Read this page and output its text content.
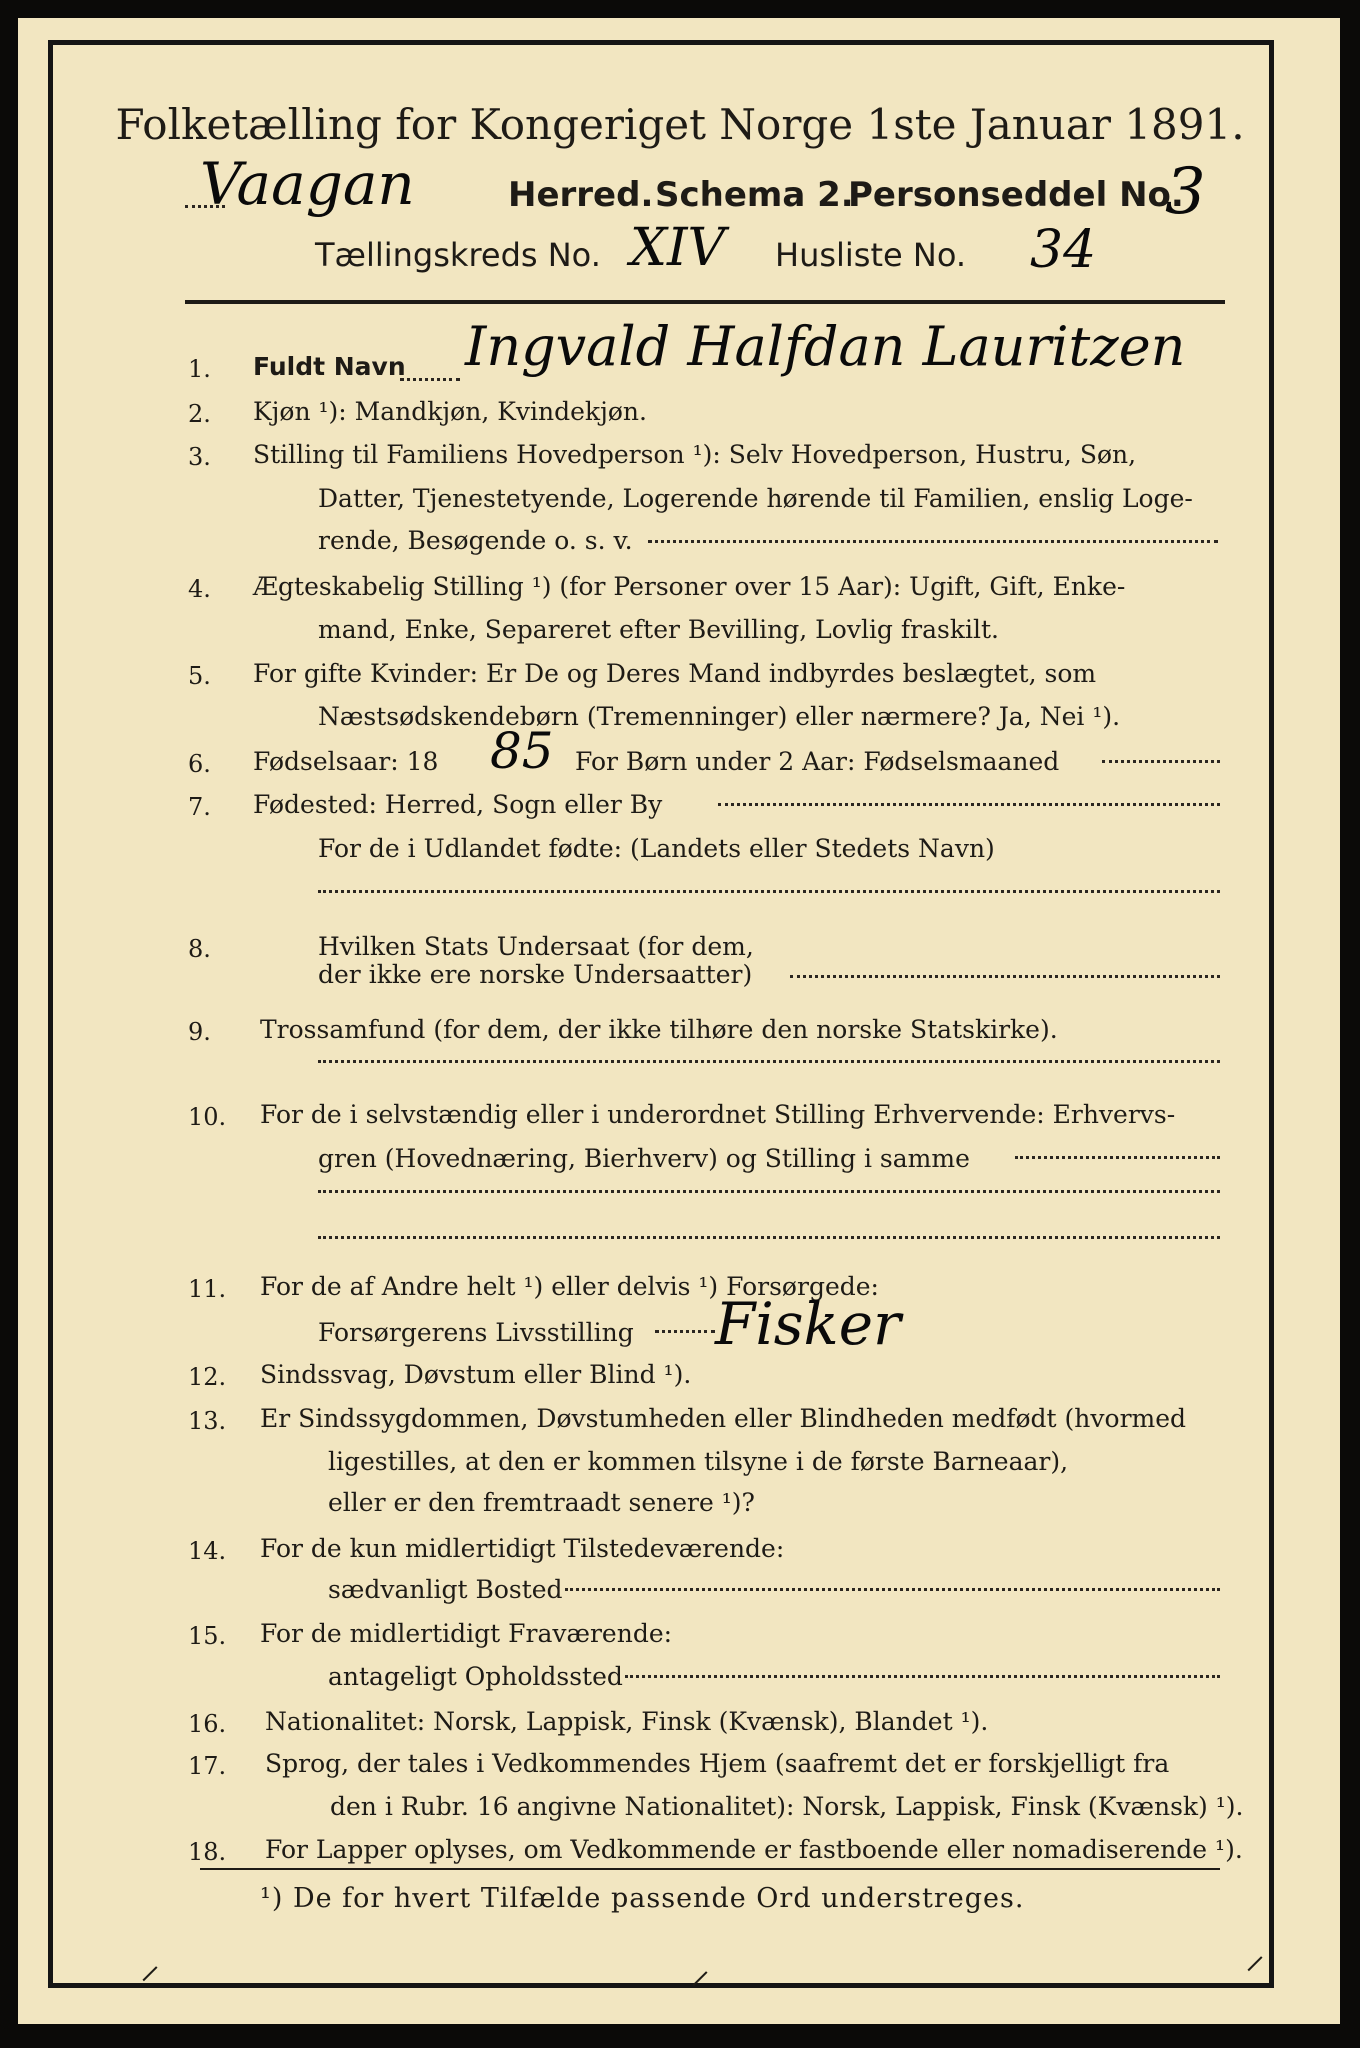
Folketælling for Kongeriget Norge 1ste Januar 1891.
Vaagan	Herred. Schema 2.
Personseddel No.
3
Tællingskreds No. XIV Husliste No. 34
1.	Fuldt Navn Ingvald Halfdan Lauritzen
2.	Kjøn ¹): Mandkjøn, Kvindekjøn.
3.	Stilling til Familiens Hovedperson ¹): Selv Hovedperson, Hustru, Søn,
Datter, Tjenestetyende, Logerende hørende til Familien, enslig Loge-
rende, Besøgende o. s. v.
4.	Ægteskabelig Stilling ¹) (for Personer over 15 Aar): Ugift, Gift, Enke-
mand, Enke, Separeret efter Bevilling, Lovlig fraskilt.
5.	For gifte Kvinder: Er De og Deres Mand indbyrdes beslægtet, som
Næstsødskendebørn (Tremenninger) eller nærmere? Ja, Nei ¹).
6.	Fødselsaar: 18 85 For Børn under 2 Aar: Fødselsmaaned
7.	Fødested: Herred, Sogn eller By
For de i Udlandet fødte: (Landets eller Stedets Navn)
8.	Hvilken Stats Undersaat (for dem,
der ikke ere norske Undersaatter)
9.	Trossamfund (for dem, der ikke tilhøre den norske Statskirke).
10.	For de i selvstændig eller i underordnet Stilling Erhvervende: Erhvervs-
gren (Hovednæring, Bierhverv) og Stilling i samme
11.	For de af Andre helt ¹) eller delvis ¹) Forsørgede:
Forsørgerens Livsstilling Fisker
12.	Sindssvag, Døvstum eller Blind ¹).
13.	Er Sindssygdommen, Døvstumheden eller Blindheden medfødt (hvormed
ligestilles, at den er kommen tilsyne i de første Barneaar),
eller er den fremtraadt senere ¹)?
14.	For de kun midlertidigt Tilstedeværende:
sædvanligt Bosted
15.	For de midlertidigt Fraværende:
antageligt Opholdssted
16.	Nationalitet: Norsk, Lappisk, Finsk (Kvænsk), Blandet ¹).
17.	Sprog, der tales i Vedkommendes Hjem (saafremt det er forskjelligt fra
den i Rubr. 16 angivne Nationalitet): Norsk, Lappisk, Finsk (Kvænsk) ¹).
18.	For Lapper oplyses, om Vedkommende er fastboende eller nomadiserende ¹).
¹) De for hvert Tilfælde passende Ord understreges.
⸝	⸝	⸝
